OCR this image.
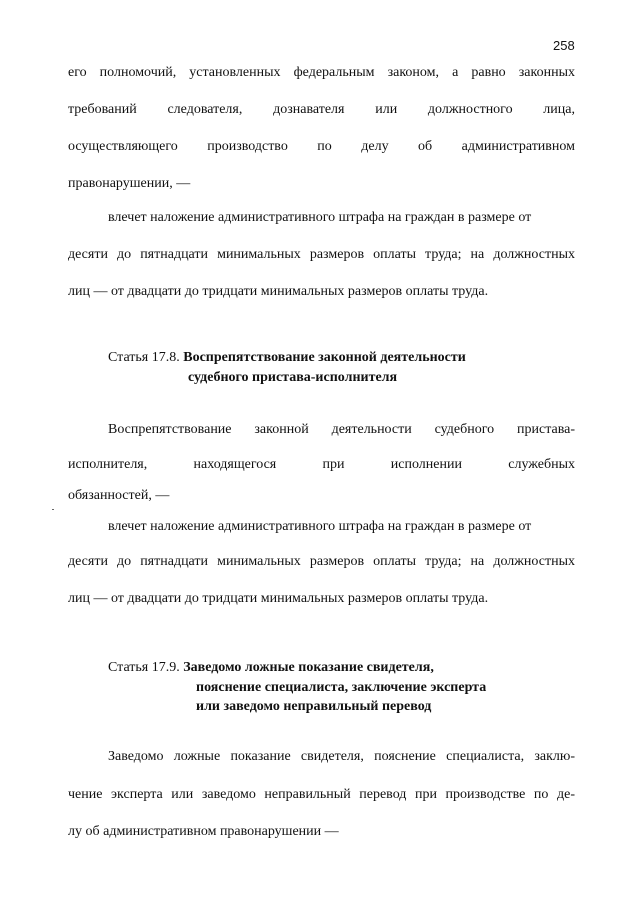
258
его полномочий, установленных федеральным законом, а равно законных
требований следователя, дознавателя или должностного лица,
осуществляющего производство по делу об административном
правонарушении, —
влечет наложение административного штрафа на граждан в размере от
десяти до пятнадцати минимальных размеров оплаты труда; на должностных
лиц — от двадцати до тридцати минимальных размеров оплаты труда.
Статья 17.8. Воспрепятствование законной деятельности
судебного пристава-исполнителя
Воспрепятствование законной деятельности судебного пристава-
исполнителя, находящегося при исполнении служебных
обязанностей, —
влечет наложение административного штрафа на граждан в размере от
десяти до пятнадцати минимальных размеров оплаты труда; на должностных
лиц — от двадцати до тридцати минимальных размеров оплаты труда.
Статья 17.9. Заведомо ложные показание свидетеля,
пояснение специалиста, заключение эксперта
или заведомо неправильный перевод
Заведомо ложные показание свидетеля, пояснение специалиста, заклю-
чение эксперта или заведомо неправильный перевод при производстве по де-
лу об административном правонарушении —
